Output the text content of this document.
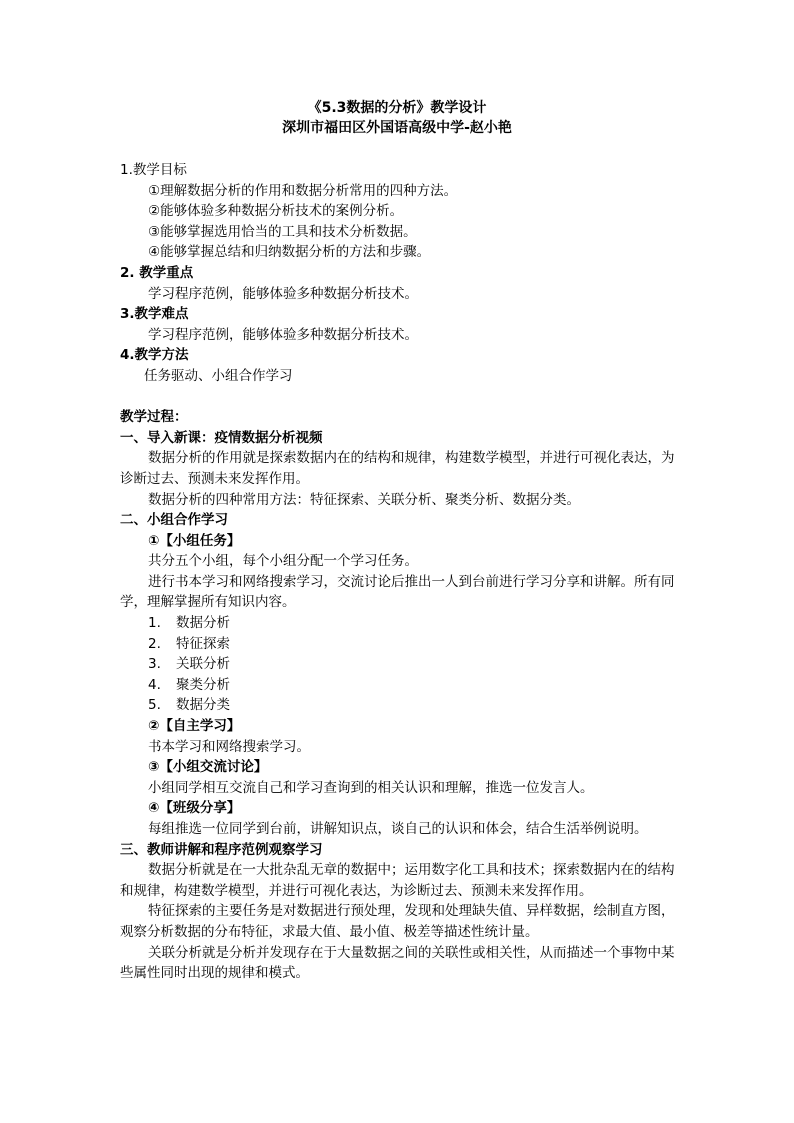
《5.3数据的分析》教学设计
深圳市福田区外国语高级中学-赵小艳
1.教学目标
①理解数据分析的作用和数据分析常用的四种方法。
②能够体验多种数据分析技术的案例分析。
③能够掌握选用恰当的工具和技术分析数据。
④能够掌握总结和归纳数据分析的方法和步骤。
2. 教学重点
学习程序范例，能够体验多种数据分析技术。
3.教学难点
学习程序范例，能够体验多种数据分析技术。
4.教学方法
任务驱动、小组合作学习
教学过程：
一、导入新课：疫情数据分析视频
数据分析的作用就是探索数据内在的结构和规律，构建数学模型，并进行可视化表达，为诊断过去、预测未来发挥作用。
数据分析的四种常用方法：特征探索、关联分析、聚类分析、数据分类。
二、小组合作学习
①【小组任务】
共分五个小组，每个小组分配一个学习任务。
进行书本学习和网络搜索学习，交流讨论后推出一人到台前进行学习分享和讲解。所有同学，理解掌握所有知识内容。
1. 数据分析
2. 特征探索
3. 关联分析
4. 聚类分析
5. 数据分类
②【自主学习】
书本学习和网络搜索学习。
③【小组交流讨论】
小组同学相互交流自己和学习查询到的相关认识和理解，推选一位发言人。
④【班级分享】
每组推选一位同学到台前，讲解知识点，谈自己的认识和体会，结合生活举例说明。
三、教师讲解和程序范例观察学习
数据分析就是在一大批杂乱无章的数据中；运用数字化工具和技术；探索数据内在的结构和规律，构建数学模型，并进行可视化表达，为诊断过去、预测未来发挥作用。
特征探索的主要任务是对数据进行预处理，发现和处理缺失值、异样数据，绘制直方图，观察分析数据的分布特征，求最大值、最小值、极差等描述性统计量。
关联分析就是分析并发现存在于大量数据之间的关联性或相关性，从而描述一个事物中某些属性同时出现的规律和模式。
